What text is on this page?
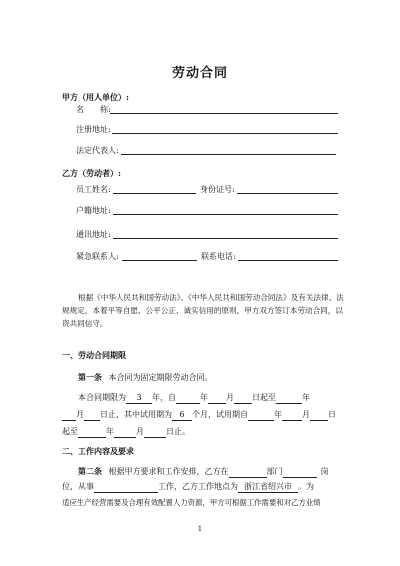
劳动合同
甲方（用人单位）:
名　　称:
注册地址:
法定代表人:
乙方（劳动者）:
员工姓名:	身份证号:
户籍地址:
通讯地址:
紧急联系人:	联系电话:
根据《中华人民共和国劳动法》、《中华人民共和国劳动合同法》及有关法律、法规规定，本着平等自愿、公平公正、诚实信用的原则，甲方双方签订本劳动合同，以资共同信守。
一、劳动合同期限
第一条 本合同为固定期限劳动合同。
本合同期限为 3 年，自	年 月 日起至	年
月 日止，其中试用期为 6 个月，试用期自	年	月 日
起至	年	月	日止。
二、工作内容及要求
第二条 根据甲方要求和工作安排，乙方在	部门	岗
位，从事	工作，乙方工作地点为 浙江省绍兴市 。为
适应生产经营需要及合理有效配置人力资源，甲方可根据工作需要和对乙方业绩
1
